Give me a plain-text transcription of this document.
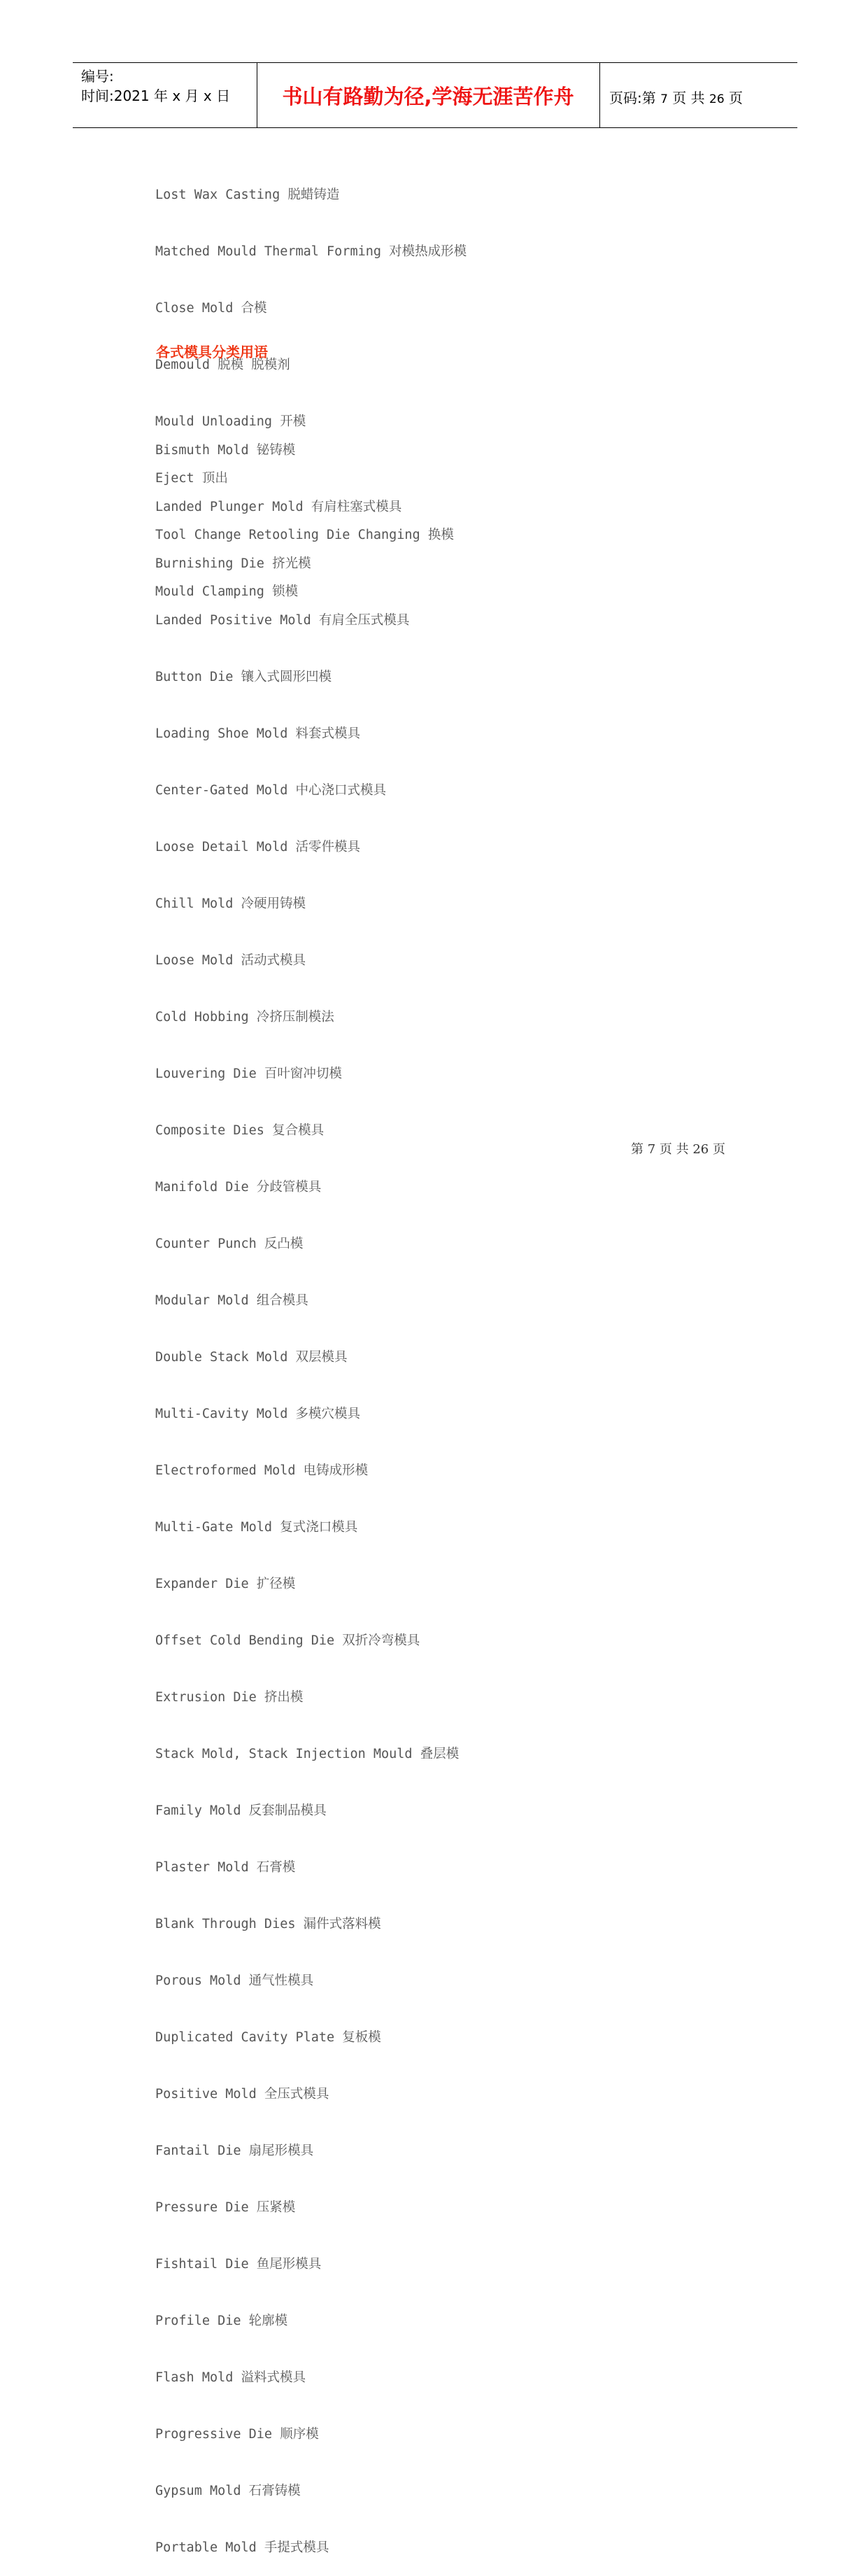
编号:
时间:2021 年 x 月 x 日	书山有路勤为径,学海无涯苦作舟	页码:第 7 页 共 26 页

Lost Wax Casting 脱蜡铸造

Matched Mould Thermal Forming 对模热成形模

Close Mold 合模

Demould 脱模 脱模剂

Mould Unloading 开模

Eject 顶出

Tool Change Retooling Die Changing 换模

Mould Clamping 锁模

各式模具分类用语

Bismuth Mold 铋铸模

Landed Plunger Mold 有肩柱塞式模具

Burnishing Die 挤光模

Landed Positive Mold 有肩全压式模具

Button Die 镶入式圆形凹模

Loading Shoe Mold 料套式模具

Center-Gated Mold 中心浇口式模具

Loose Detail Mold 活零件模具

Chill Mold 冷硬用铸模

Loose Mold 活动式模具

Cold Hobbing 冷挤压制模法

Louvering Die 百叶窗冲切模

Composite Dies 复合模具

Manifold Die 分歧管模具

Counter Punch 反凸模

Modular Mold 组合模具

Double Stack Mold 双层模具

Multi-Cavity Mold 多模穴模具

Electroformed Mold 电铸成形模

Multi-Gate Mold 复式浇口模具

Expander Die 扩径模

Offset Cold Bending Die 双折冷弯模具

Extrusion Die 挤出模

Stack Mold, Stack Injection Mould 叠层模

Family Mold 反套制品模具

Plaster Mold 石膏模

Blank Through Dies 漏件式落料模

Porous Mold 通气性模具

Duplicated Cavity Plate 复板模

Positive Mold 全压式模具

Fantail Die 扇尾形模具

Pressure Die 压紧模

Fishtail Die 鱼尾形模具

Profile Die 轮廓模

Flash Mold 溢料式模具

Progressive Die 顺序模

Gypsum Mold 石膏铸模

Portable Mold 手提式模具

第 7 页 共 26 页
